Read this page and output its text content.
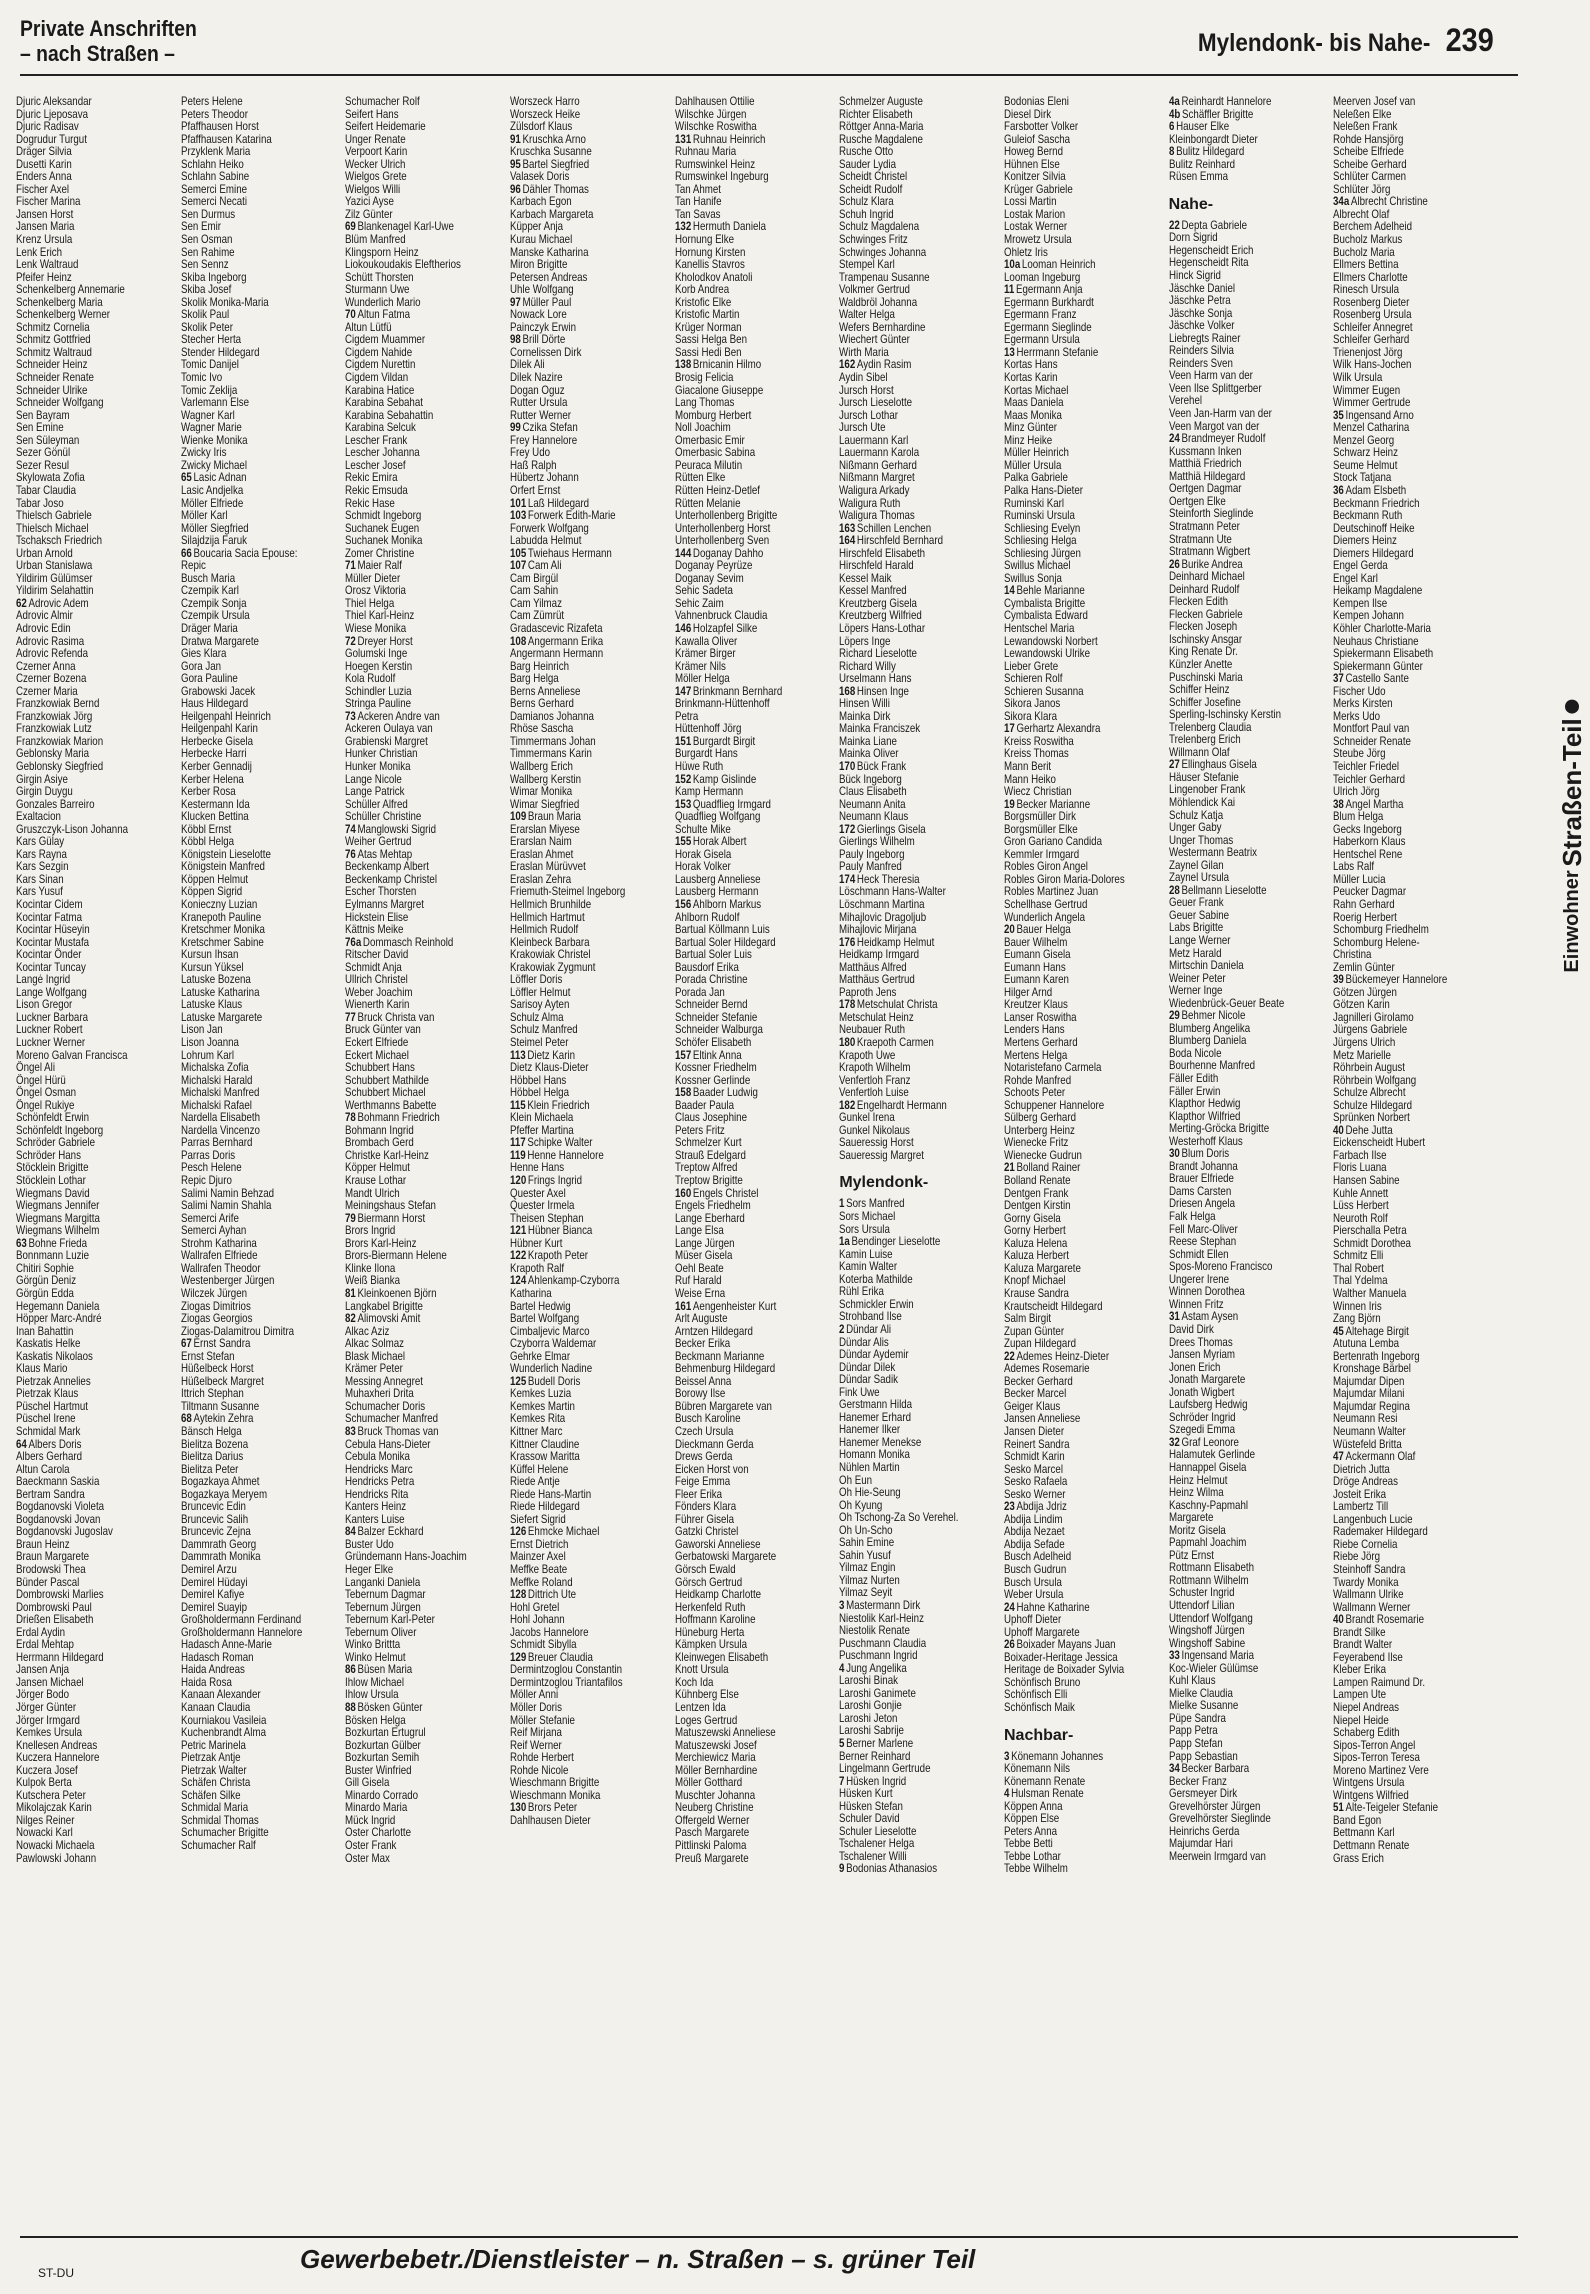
Private Anschriften
– nach Straßen –	Mylendonk- bis Nahe- 239
Djuric Aleksandar
Djuric Ljeposava
Djuric Radisav
Dogrudur Turgut
Dräger Silvia
Dusetti Karin
Enders Anna
Fischer Axel
Fischer Marina
Jansen Horst
Jansen Maria
Krenz Ursula
Lenk Erich
Lenk Waltraud
Pfeifer Heinz
Schenkelberg Annemarie
Schenkelberg Maria
Schenkelberg Werner
Schmitz Cornelia
Schmitz Gottfried
Schmitz Waltraud
Schneider Heinz
Schneider Renate
Schneider Ulrike
Schneider Wolfgang
Sen Bayram
Sen Emine
Sen Süleyman
Sezer Gönül
Sezer Resul
Skylowata Zofia
Tabar Claudia
Tabar Joso
Thielsch Gabriele
Thielsch Michael
Tschaksch Friedrich
Urban Arnold
Urban Stanislawa
Yildirim Gülümser
Yildirim Selahattin
62 Adrovic Adem
Adrovic Almir
Adrovic Edin
Adrovic Rasima
Adrovic Refenda
Czerner Anna
Czerner Bozena
Czerner Maria
Franzkowiak Bernd
Franzkowiak Jörg
Franzkowiak Lutz
Franzkowiak Marion
Geblonsky Maria
Geblonsky Siegfried
Girgin Asiye
Girgin Duygu
Gonzales Barreiro
Exaltacion
Gruszczyk-Lison Johanna
Kars Gülay
Kars Rayna
Kars Sezgin
Kars Sinan
Kars Yusuf
Kocintar Cidem
Kocintar Fatma
Kocintar Hüseyin
Kocintar Mustafa
Kocintar Önder
Kocintar Tuncay
Langė Ingrid
Lange Wolfgang
Lison Gregor
Luckner Barbara
Luckner Robert
Luckner Werner
Moreno Galvan Francisca
Öngel Ali
Öngel Hürü
Öngel Osman
Öngel Rukiye
Schönfeldt Erwin
Schönfeldt Ingeborg
Schröder Gabriele
Schröder Hans
Stöcklein Brigitte
Stöcklein Lothar
Wiegmans David
Wiegmans Jennifer
Wiegmans Margitta
Wiegmans Wilhelm
63 Bohne Frieda
Bonnmann Luzie
Chitiri Sophie
Görgün Deniz
Görgün Edda
Hegemann Daniela
Höpper Marc-André
Inan Bahattin
Kaskatis Helke
Kaskatis Nikolaos
Klaus Mario
Pietrzak Annelies
Pietrzak Klaus
Püschel Hartmut
Püschel Irene
Schmidal Mark
64 Albers Doris
Albers Gerhard
Altun Carola
Baeckmann Saskia
Bertram Sandra
Bogdanovski Violeta
Bogdanovski Jovan
Bogdanovski Jugoslav
Braun Heinz
Braun Margarete
Brodowski Thea
Bünder Pascal
Dombrowski Marlies
Dombrowski Paul
Drießen Elisabeth
Erdal Aydin
Erdal Mehtap
Herrmann Hildegard
Jansen Anja
Jansen Michael
Jörger Bodo
Jörger Günter
Jörger Irmgard
Kemkes Ursula
Knellesen Andreas
Kuczera Hannelore
Kuczera Josef
Kulpok Berta
Kutschera Peter
Mikolajczak Karin
Nilges Reiner
Nowacki Karl
Nowacki Michaela
Pawlowski Johann
Peters Helene
Peters Theodor
Pfaffhausen Horst
Pfaffhausen Katarina
Przyklenk Maria
Schlahn Heiko
Schlahn Sabine
Semerci Emine
Semerci Necati
Sen Durmus
Sen Emir
Sen Osman
Sen Rahime
Sen Sennz
Skiba Ingeborg
Skiba Josef
Skolik Monika-Maria
Skolik Paul
Skolik Peter
Stecher Herta
Stender Hildegard
Tomic Danijel
Tomic Ivo
Tomic Zeklija
Varlemann Else
Wagner Karl
Wagner Marie
Wienke Monika
Zwicky Iris
Zwicky Michael
65 Lasic Adnan
Lasic Andjelka
Möller Elfriede
Möller Karl
Möller Siegfried
Silajdzija Faruk
66 Boucaria Sacia Epouse:
Repic
Busch Maria
Czempik Karl
Czempik Sonja
Czempik Ursula
Dräger Maria
Dratwa Margarete
Gies Klara
Gora Jan
Gora Pauline
Grabowski Jacek
Haus Hildegard
Heilgenpahl Heinrich
Heilgenpahl Karin
Herbecke Gisela
Herbecke Harri
Kerber Gennadij
Kerber Helena
Kerber Rosa
Kestermann Ida
Klucken Bettina
Köbbl Ernst
Köbbl Helga
Königstein Lieselotte
Königstein Manfred
Köppen Helmut
Köppen Sigrid
Konieczny Luzian
Kranepoth Pauline
Kretschmer Monika
Kretschmer Sabine
Kursun Ihsan
Kursun Yüksel
Latuske Bozena
Latuske Katharina
Latuske Klaus
Latuske Margarete
Lison Jan
Lison Joanna
Lohrum Karl
Michalska Zofia
Michalski Harald
Michalski Manfred
Michalski Rafael
Nardella Elisabeth
Nardella Vincenzo
Parras Bernhard
Parras Doris
Pesch Helene
Repic Djuro
Salimi Namin Behzad
Salimi Namin Shahla
Semerci Arife
Semerci Ayhan
Strohm Katharina
Wallrafen Elfriede
Wallrafen Theodor
Westenberger Jürgen
Wilczek Jürgen
Ziogas Dimitrios
Ziogas Georgios
Ziogas-Dalamitrou Dimitra
67 Ernst Sandra
Ernst Stefan
Hüßelbeck Horst
Hüßelbeck Margret
Ittrich Stephan
Tiltmann Susanne
68 Aytekin Zehra
Bänsch Helga
Bielitza Bozena
Bielitza Darius
Bielitza Peter
Bogazkaya Ahmet
Bogazkaya Meryem
Bruncevic Edin
Bruncevic Salih
Bruncevic Zejna
Dammrath Georg
Dammrath Monika
Demirel Arzu
Demirel Hüdayi
Demirel Kafiye
Demirel Suayip
Großholdermann Ferdinand
Großholdermann Hannelore
Hadasch Anne-Marie
Hadasch Roman
Haida Andreas
Haida Rosa
Kanaan Alexander
Kanaan Claudia
Kourniakou Vasileia
Kuchenbrandt Alma
Petric Marinela
Pietrzak Antje
Pietrzak Walter
Schäfen Christa
Schäfen Silke
Schmidal Maria
Schmidal Thomas
Schumacher Brigitte
Schumacher Ralf
Schumacher Rolf
Seifert Hans
Seifert Heidemarie
Unger Renate
Verpoort Karin
Wecker Ulrich
Wielgos Grete
Wielgos Willi
Yazici Ayse
Zilz Günter
69 Blankenagel Karl-Uwe
Blüm Manfred
Klingsporn Heinz
Liokoukoudakis Eleftherios
Schütt Thorsten
Sturmann Uwe
Wunderlich Mario
70 Altun Fatma
Altun Lütfü
Cigdem Muammer
Cigdem Nahide
Cigdem Nurettin
Cigdem Vildan
Karabina Hatice
Karabina Sebahat
Karabina Sebahattin
Karabina Selcuk
Lescher Frank
Lescher Johanna
Lescher Josef
Rekic Emira
Rekic Emsuda
Rekic Hase
Schmidt Ingeborg
Suchanek Eugen
Suchanek Monika
Zomer Christine
71 Maier Ralf
Müller Dieter
Orosz Viktoria
Thiel Helga
Thiel Karl-Heinz
Wiese Monika
72 Dreyer Horst
Golumski Inge
Hoegen Kerstin
Kola Rudolf
Schindler Luzia
Stringa Pauline
73 Ackeren Andre van
Ackeren Oulaya van
Grabienski Margret
Hunker Christian
Hunker Monika
Lange Nicole
Lange Patrick
Schüller Alfred
Schüller Christine
74 Manglowski Sigrid
Weiher Gertrud
76 Atas Mehtap
Beckenkamp Albert
Beckenkamp Christel
Escher Thorsten
Eylmanns Margret
Hickstein Elise
Kättnis Meike
76a Dommasch Reinhold
Ritscher David
Schmidt Anja
Ullrich Christel
Weber Joachim
Wienerth Karin
77 Bruck Christa van
Bruck Günter van
Eckert Elfriede
Eckert Michael
Schubbert Hans
Schubbert Mathilde
Schubbert Michael
Werthmanns Babette
78 Bohmann Friedrich
Bohmann Ingrid
Brombach Gerd
Christke Karl-Heinz
Köpper Helmut
Krause Lothar
Mandt Ulrich
Meiningshaus Stefan
79 Biermann Horst
Brors Ingrid
Brors Karl-Heinz
Brors-Biermann Helene
Klinke Ilona
Weiß Bianka
81 Kleinkoenen Björn
Langkabel Brigitte
82 Alimovski Amit
Alkac Aziz
Alkac Solmaz
Blask Michael
Krämer Peter
Messing Annegret
Muhaxheri Drita
Schumacher Doris
Schumacher Manfred
83 Bruck Thomas van
Cebula Hans-Dieter
Cebula Monika
Hendricks Marc
Hendricks Petra
Hendricks Rita
Kanters Heinz
Kanters Luise
84 Balzer Eckhard
Buster Udo
Gründemann Hans-Joachim
Heger Elke
Langanki Daniela
Tebernum Dagmar
Tebernum Jürgen
Tebernum Karl-Peter
Tebernum Oliver
Winko Brittta
Winko Helmut
86 Büsen Maria
Ihlow Michael
Ihlow Ursula
88 Bösken Günter
Bösken Helga
Bozkurtan Ertugrul
Bozkurtan Gülber
Bozkurtan Semih
Buster Winfried
Gill Gisela
Minardo Corrado
Minardo Maria
Mück Ingrid
Oster Charlotte
Oster Frank
Oster Max
Worszeck Harro
Worszeck Heike
Zülsdorf Klaus
91 Kruschka Arno
Kruschka Susanne
95 Bartel Siegfried
Valasek Doris
96 Dähler Thomas
Karbach Egon
Karbach Margareta
Küpper Anja
Kurau Michael
Manske Katharina
Miron Brigitte
Petersen Andreas
Uhle Wolfgang
97 Müller Paul
Nowack Lore
Painczyk Erwin
98 Brill Dörte
Cornelissen Dirk
Dilek Ali
Dilek Nazire
Dogan Oguz
Rutter Ursula
Rutter Werner
99 Czika Stefan
Frey Hannelore
Frey Udo
Haß Ralph
Hübertz Johann
Orfert Ernst
101 Laß Hildegard
103 Forwerk Edith-Marie
Forwerk Wolfgang
Labudda Helmut
105 Twiehaus Hermann
107 Cam Ali
Cam Birgül
Cam Sahin
Cam Yilmaz
Cam Zümrüt
Gradascevic Rizafeta
108 Angermann Erika
Angermann Hermann
Barg Heinrich
Barg Helga
Berns Anneliese
Berns Gerhard
Damianos Johanna
Rhöse Sascha
Timmermans Johan
Timmermans Karin
Wallberg Erich
Wallberg Kerstin
Wimar Monika
Wimar Siegfried
109 Braun Maria
Erarslan Miyese
Erarslan Naim
Eraslan Ahmet
Eraslan Mürüvvet
Eraslan Zehra
Friemuth-Steimel Ingeborg
Hellmich Brunhilde
Hellmich Hartmut
Hellmich Rudolf
Kleinbeck Barbara
Krakowiak Christel
Krakowiak Zygmunt
Löffler Doris
Löffler Helmut
Sarisoy Ayten
Schulz Alma
Schulz Manfred
Steimel Peter
113 Dietz Karin
Dietz Klaus-Dieter
Höbbel Hans
Höbbel Helga
115 Klein Friedrich
Klein Michaela
Pfeffer Martina
117 Schipke Walter
119 Henne Hannelore
Henne Hans
120 Frings Ingrid
Quester Axel
Quester Irmela
Theisen Stephan
121 Hübner Bianca
Hübner Kurt
122 Krapoth Peter
Krapoth Ralf
124 Ahlenkamp-Czyborra
Katharina
Bartel Hedwig
Bartel Wolfgang
Cimbaljevic Marco
Czyborra Waldemar
Gehrke Elmar
Wunderlich Nadine
125 Budell Doris
Kemkes Luzia
Kemkes Martin
Kemkes Rita
Kittner Marc
Kittner Claudine
Krassow Maritta
Küffel Helene
Riede Antje
Riede Hans-Martin
Riede Hildegard
Siefert Sigrid
126 Ehmcke Michael
Ernst Dietrich
Mainzer Axel
Meffke Beate
Meffke Roland
128 Dittrich Ute
Hohl Gretel
Hohl Johann
Jacobs Hannelore
Schmidt Sibylla
129 Breuer Claudia
Dermintzoglou Constantin
Dermintzoglou Triantafilos
Möller Anni
Möller Doris
Möller Stefanie
Reif Mirjana
Reif Werner
Rohde Herbert
Rohde Nicole
Wieschmann Brigitte
Wieschmann Monika
130 Brors Peter
Dahlhausen Dieter
Dahlhausen Ottilie
Wilschke Jürgen
Wilschke Roswitha
131 Ruhnau Heinrich
Ruhnau Maria
Rumswinkel Heinz
Rumswinkel Ingeburg
Tan Ahmet
Tan Hanife
Tan Savas
132 Hermuth Daniela
Hornung Elke
Hornung Kirsten
Kanellis Stavros
Kholodkov Anatoli
Korb Andrea
Kristofic Elke
Kristofic Martin
Krüger Norman
Sassi Helga Ben
Sassi Hedi Ben
138 Brnicanin Hilmo
Brosig Felicia
Giacalone Giuseppe
Lang Thomas
Momburg Herbert
Noll Joachim
Omerbasic Emir
Omerbasic Sabina
Peuraca Milutin
Rütten Elke
Rütten Heinz-Detlef
Rütten Melanie
Unterhollenberg Brigitte
Unterhollenberg Horst
Unterhollenberg Sven
144 Doganay Dahho
Doganay Peyrüze
Doganay Sevim
Sehic Sadeta
Sehic Zaim
Vahnenbruck Claudia
146 Holzapfel Silke
Kawalla Oliver
Krämer Birger
Krämer Nils
Möller Helga
147 Brinkmann Bernhard
Brinkmann-Hüttenhoff
Petra
Hüttenhoff Jörg
151 Burgardt Birgit
Burgardt Hans
Hüwe Ruth
152 Kamp Gislinde
Kamp Hermann
153 Quadflieg Irmgard
Quadflieg Wolfgang
Schulte Mike
155 Horak Albert
Horak Gisela
Horak Volker
Lausberg Anneliese
Lausberg Hermann
156 Ahlborn Markus
Ahlborn Rudolf
Bartual Köllmann Luis
Bartual Soler Hildegard
Bartual Soler Luis
Bausdorf Erika
Porada Christine
Porada Jan
Schneider Bernd
Schneider Stefanie
Schneider Walburga
Schöfer Elisabeth
157 Eltink Anna
Kossner Friedhelm
Kossner Gerlinde
158 Baader Ludwig
Baader Paula
Claus Josephine
Peters Fritz
Schmelzer Kurt
Strauß Edelgard
Treptow Alfred
Treptow Brigitte
160 Engels Christel
Engels Friedhelm
Lange Eberhard
Lange Elsa
Lange Jürgen
Müser Gisela
Oehl Beate
Ruf Harald
Weise Erna
161 Aengenheister Kurt
Arlt Auguste
Arntzen Hildegard
Becker Erika
Beckmann Marianne
Behmenburg Hildegard
Beissel Anna
Borowy Ilse
Bübren Margarete van
Busch Karoline
Czech Ursula
Dieckmann Gerda
Drews Gerda
Eicken Horst von
Feige Emma
Fleer Erika
Fönders Klara
Führer Gisela
Gatzki Christel
Gaworski Anneliese
Gerbatowski Margarete
Görsch Ewald
Görsch Gertrud
Heidkamp Charlotte
Herkenfeld Ruth
Hoffmann Karoline
Hüneburg Herta
Kämpken Ursula
Kleinwegen Elisabeth
Knott Ursula
Koch Ida
Kühnberg Else
Lentzen Ida
Loges Gertrud
Matuszewski Anneliese
Matuszewski Josef
Merchiewicz Maria
Möller Bernhardine
Möller Gotthard
Muschter Johanna
Neuberg Christine
Offergeld Werner
Pasch Margarete
Pittlinski Paloma
Preuß Margarete
Schmelzer Auguste
Richter Elisabeth
Röttger Anna-Maria
Rusche Magdalene
Rusche Otto
Sauder Lydia
Scheidt Christel
Scheidt Rudolf
Schulz Klara
Schuh Ingrid
Schulz Magdalena
Schwinges Fritz
Schwinges Johanna
Stempel Karl
Trampenau Susanne
Volkmer Gertrud
Waldbröl Johanna
Walter Helga
Wefers Bernhardine
Wiechert Günter
Wirth Maria
162 Aydin Rasim
Aydin Sibel
Jursch Horst
Jursch Lieselotte
Jursch Lothar
Jursch Ute
Lauermann Karl
Lauermann Karola
Nißmann Gerhard
Nißmann Margret
Waligura Arkady
Waligura Ruth
Waligura Thomas
163 Schillen Lenchen
164 Hirschfeld Bernhard
Hirschfeld Elisabeth
Hirschfeld Harald
Kessel Maik
Kessel Manfred
Kreutzberg Gisela
Kreutzberg Wilfried
Löpers Hans-Lothar
Löpers Inge
Richard Lieselotte
Richard Willy
Urselmann Hans
168 Hinsen Inge
Hinsen Willi
Mainka Dirk
Mainka Franciszek
Mainka Liane
Mainka Oliver
170 Bück Frank
Bück Ingeborg
Claus Elisabeth
Neumann Anita
Neumann Klaus
172 Gierlings Gisela
Gierlings Wilhelm
Pauly Ingeborg
Pauly Manfred
174 Heck Theresia
Löschmann Hans-Walter
Löschmann Martina
Mihajlovic Dragoljub
Mihajlovic Mirjana
176 Heidkamp Helmut
Heidkamp Irmgard
Matthäus Alfred
Matthäus Gertrud
Paproth Jens
178 Metschulat Christa
Metschulat Heinz
Neubauer Ruth
180 Kraepoth Carmen
Krapoth Uwe
Krapoth Wilhelm
Venfertloh Franz
Venfertloh Luise
182 Engelhardt Hermann
Gunkel Irena
Gunkel Nikolaus
Saueressig Horst
Saueressig Margret
Mylendonk-
1 Sors Manfred
Sors Michael
Sors Ursula
1a Bendinger Lieselotte
Kamin Luise
Kamin Walter
Koterba Mathilde
Rühl Erika
Schmickler Erwin
Strohband Ilse
2 Dündar Ali
Dündar Alis
Dündar Aydemir
Dündar Dilek
Dündar Sadik
Fink Uwe
Gerstmann Hilda
Hanemer Erhard
Hanemer Ilker
Hanemer Menekse
Homann Monika
Nühlen Martin
Oh Eun
Oh Hie-Seung
Oh Kyung
Oh Tschong-Za So Verehel.
Oh Un-Scho
Sahin Emine
Sahin Yusuf
Yilmaz Engin
Yilmaz Nurten
Yilmaz Seyit
3 Mastermann Dirk
Niestolik Karl-Heinz
Niestolik Renate
Puschmann Claudia
Puschmann Ingrid
4 Jung Angelika
Laroshi Binak
Laroshi Ganimete
Laroshi Gonjie
Laroshi Jeton
Laroshi Sabrije
5 Berner Marlene
Berner Reinhard
Lingelmann Gertrude
7 Hüsken Ingrid
Hüsken Kurt
Hüsken Stefan
Schuler David
Schuler Lieselotte
Tschalener Helga
Tschalener Willi
9 Bodonias Athanasios
Bodonias Eleni
Diesel Dirk
Farsbotter Volker
Guleiof Sascha
Howeg Bernd
Hühnen Else
Konitzer Silvia
Krüger Gabriele
Lossi Martin
Lostak Marion
Lostak Werner
Mrowetz Ursula
Ohletz Iris
10a Looman Heinrich
Looman Ingeburg
11 Egermann Anja
Egermann Burkhardt
Egermann Franz
Egermann Sieglinde
Egermann Ursula
13 Herrmann Stefanie
Kortas Hans
Kortas Karin
Kortas Michael
Maas Daniela
Maas Monika
Minz Günter
Minz Heike
Müller Heinrich
Müller Ursula
Palka Gabriele
Palka Hans-Dieter
Ruminski Karl
Ruminski Ursula
Schliesing Evelyn
Schliesing Helga
Schliesing Jürgen
Swillus Michael
Swillus Sonja
14 Behle Marianne
Cymbalista Brigitte
Cymbalista Edward
Hentschel Maria
Lewandowski Norbert
Lewandowski Ulrike
Lieber Grete
Schieren Rolf
Schieren Susanna
Sikora Janos
Sikora Klara
17 Gerhartz Alexandra
Kreiss Roswitha
Kreiss Thomas
Mann Berit
Mann Heiko
Wiecz Christian
19 Becker Marianne
Borgsmüller Dirk
Borgsmüller Elke
Gron Gariano Candida
Kemmler Irmgard
Robles Giron Angel
Robles Giron Maria-Dolores
Robles Martinez Juan
Schellhase Gertrud
Wunderlich Angela
20 Bauer Helga
Bauer Wilhelm
Eumann Gisela
Eumann Hans
Eumann Karen
Hilger Arnd
Kreutzer Klaus
Lanser Roswitha
Lenders Hans
Mertens Gerhard
Mertens Helga
Notaristefano Carmela
Rohde Manfred
Schoots Peter
Schuppener Hannelore
Sülberg Gerhard
Unterberg Heinz
Wienecke Fritz
Wienecke Gudrun
21 Bolland Rainer
Bolland Renate
Dentgen Frank
Dentgen Kirstin
Gorny Gisela
Gorny Herbert
Kaluza Helena
Kaluza Herbert
Kaluza Margarete
Knopf Michael
Krause Sandra
Krautscheidt Hildegard
Salm Birgit
Zupan Günter
Zupan Hildegard
22 Ademes Heinz-Dieter
Ademes Rosemarie
Becker Gerhard
Becker Marcel
Geiger Klaus
Jansen Anneliese
Jansen Dieter
Reinert Sandra
Schmidt Karin
Sesko Marcel
Sesko Rafaela
Sesko Werner
23 Abdija Jdriz
Abdija Lindim
Abdija Nezaet
Abdija Sefade
Busch Adelheid
Busch Gudrun
Busch Ursula
Weber Ursula
24 Hahne Katharine
Uphoff Dieter
Uphoff Margarete
26 Boixader Mayans Juan
Boixader-Heritage Jessica
Heritage de Boixader Sylvia
Schönfisch Bruno
Schönfisch Elli
Schönfisch Maik
Nachbar-
3 Könemann Johannes
Könemann Nils
Könemann Renate
4 Hulsman Renate
Köppen Anna
Köppen Else
Peters Anna
Tebbe Betti
Tebbe Lothar
Tebbe Wilhelm
4a Reinhardt Hannelore
4b Schäffler Brigitte
6 Hauser Elke
Kleinbongardt Dieter
8 Bulitz Hildegard
Bulitz Reinhard
Rüsen Emma
Nahe-
22 Depta Gabriele
Dorn Sigrid
Hegenscheidt Erich
Hegenscheidt Rita
Hinck Sigrid
Jäschke Daniel
Jäschke Petra
Jäschke Sonja
Jäschke Volker
Liebregts Rainer
Reinders Silvia
Reinders Sven
Veen Harm van der
Veen Ilse Splittgerber
Verehel
Veen Jan-Harm van der
Veen Margot van der
24 Brandmeyer Rudolf
Kussmann Inken
Matthiä Friedrich
Matthiä Hildegard
Oertgen Dagmar
Oertgen Elke
Steinforth Sieglinde
Stratmann Peter
Stratmann Ute
Stratmann Wigbert
26 Burike Andrea
Deinhard Michael
Deinhard Rudolf
Flecken Edith
Flecken Gabriele
Flecken Joseph
Ischinsky Ansgar
King Renate Dr.
Künzler Anette
Puschinski Maria
Schiffer Heinz
Schiffer Josefine
Sperling-Ischinsky Kerstin
Trelenberg Claudia
Trelenberg Erich
Willmann Olaf
27 Ellinghaus Gisela
Häuser Stefanie
Lingenober Frank
Möhlendick Kai
Schulz Katja
Unger Gaby
Unger Thomas
Westermann Beatrix
Zaynel Gilan
Zaynel Ursula
28 Bellmann Lieselotte
Geuer Frank
Geuer Sabine
Labs Brigitte
Lange Werner
Metz Harald
Mirtschin Daniela
Weiner Peter
Werner Inge
Wiedenbrück-Geuer Beate
29 Behmer Nicole
Blumberg Angelika
Blumberg Daniela
Boda Nicole
Bourhenne Manfred
Fäller Edith
Fäller Erwin
Klapthor Hedwig
Klapthor Wilfried
Merting-Gröcka Brigitte
Westerhoff Klaus
30 Blum Doris
Brandt Johanna
Brauer Elfriede
Dams Carsten
Driesen Angela
Falk Helga
Fell Marc-Oliver
Reese Stephan
Schmidt Ellen
Spos-Moreno Francisco
Ungerer Irene
Winnen Dorothea
Winnen Fritz
31 Astam Aysen
David Dirk
Drees Thomas
Jansen Myriam
Jonen Erich
Jonath Margarete
Jonath Wigbert
Laufsberg Hedwig
Schröder Ingrid
Szegedi Emma
32 Graf Leonore
Halamutek Gerlinde
Hannappel Gisela
Heinz Helmut
Heinz Wilma
Kaschny-Papmahl
Margarete
Moritz Gisela
Papmahl Joachim
Pütz Ernst
Rottmann Elisabeth
Rottmann Wilhelm
Schuster Ingrid
Uttendorf Lilian
Uttendorf Wolfgang
Wingshoff Jürgen
Wingshoff Sabine
33 Ingensand Maria
Koc-Wieler Gülümse
Kuhl Klaus
Mielke Claudia
Mielke Susanne
Püpe Sandra
Papp Petra
Papp Stefan
Papp Sebastian
34 Becker Barbara
Becker Franz
Gersmeyer Dirk
Grevelhörster Jürgen
Grevelhörster Sieglinde
Heinrichs Gerda
Majumdar Hari
Meerwein Irmgard van
Meerven Josef van
Neleßen Elke
Neleßen Frank
Rohde Hansjörg
Scheibe Elfriede
Scheibe Gerhard
Schlüter Carmen
Schlüter Jörg
34a Albrecht Christine
Albrecht Olaf
Berchem Adelheid
Bucholz Markus
Bucholz Maria
Ellmers Bettina
Ellmers Charlotte
Rinesch Ursula
Rosenberg Dieter
Rosenberg Ursula
Schleifer Annegret
Schleifer Gerhard
Trienenjost Jörg
Wilk Hans-Jochen
Wilk Ursula
Wimmer Eugen
Wimmer Gertrude
35 Ingensand Arno
Menzel Catharina
Menzel Georg
Schwarz Heinz
Seume Helmut
Stock Tatjana
36 Adam Elsbeth
Beckmann Friedrich
Beckmann Ruth
Deutschinoff Heike
Diemers Heinz
Diemers Hildegard
Engel Gerda
Engel Karl
Heikamp Magdalene
Kempen Ilse
Kempen Johann
Köhler Charlotte-Maria
Neuhaus Christiane
Spiekermann Elisabeth
Spiekermann Günter
37 Castello Sante
Fischer Udo
Merks Kirsten
Merks Udo
Montfort Paul van
Schneider Renate
Steube Jörg
Teichler Friedel
Teichler Gerhard
Ulrich Jörg
38 Angel Martha
Blum Helga
Gecks Ingeborg
Haberkorn Klaus
Hentschel Rene
Labs Ralf
Müller Lucia
Peucker Dagmar
Rahn Gerhard
Roerig Herbert
Schomburg Friedhelm
Schomburg Helene-
Christina
Zemlin Günter
39 Bückemeyer Hannelore
Götzen Jürgen
Götzen Karin
Jagnilleri Girolamo
Jürgens Gabriele
Jürgens Ulrich
Metz Marielle
Röhrbein August
Röhrbein Wolfgang
Schulze Albrecht
Schulze Hildegard
Sprünken Norbert
40 Dehe Jutta
Eickenscheidt Hubert
Farbach Ilse
Floris Luana
Hansen Sabine
Kuhle Annett
Lüss Herbert
Neuroth Rolf
Pierschalla Petra
Schmidt Dorothea
Schmitz Elli
Thal Robert
Thal Ydelma
Walther Manuela
Winnen Iris
Zang Björn
45 Altehage Birgit
Atutuna Lemba
Bertenrath Ingeborg
Kronshage Bärbel
Majumdar Dipen
Majumdar Milani
Majumdar Regina
Neumann Resi
Neumann Walter
Wüstefeld Britta
47 Ackermann Olaf
Dietrich Jutta
Dröge Andreas
Josteit Erika
Lambertz Till
Langenbuch Lucie
Rademaker Hildegard
Riebe Cornelia
Riebe Jörg
Steinhoff Sandra
Twardy Monika
Wallmann Ulrike
Wallmann Werner
40 Brandt Rosemarie
Brandt Silke
Brandt Walter
Feyerabend Ilse
Kleber Erika
Lampen Raimund Dr.
Lampen Ute
Niepel Andreas
Niepel Heide
Schaberg Edith
Sipos-Terron Angel
Sipos-Terron Teresa
Moreno Martinez Vere
Wintgens Ursula
Wintgens Wilfried
51 Alte-Teigeler Stefanie
Band Egon
Bettmann Karl
Dettmann Renate
Grass Erich
Einwohner
Straßen-Teil
ST-DU	Gewerbebetr./Dienstleister – n. Straßen – s. grüner Teil
